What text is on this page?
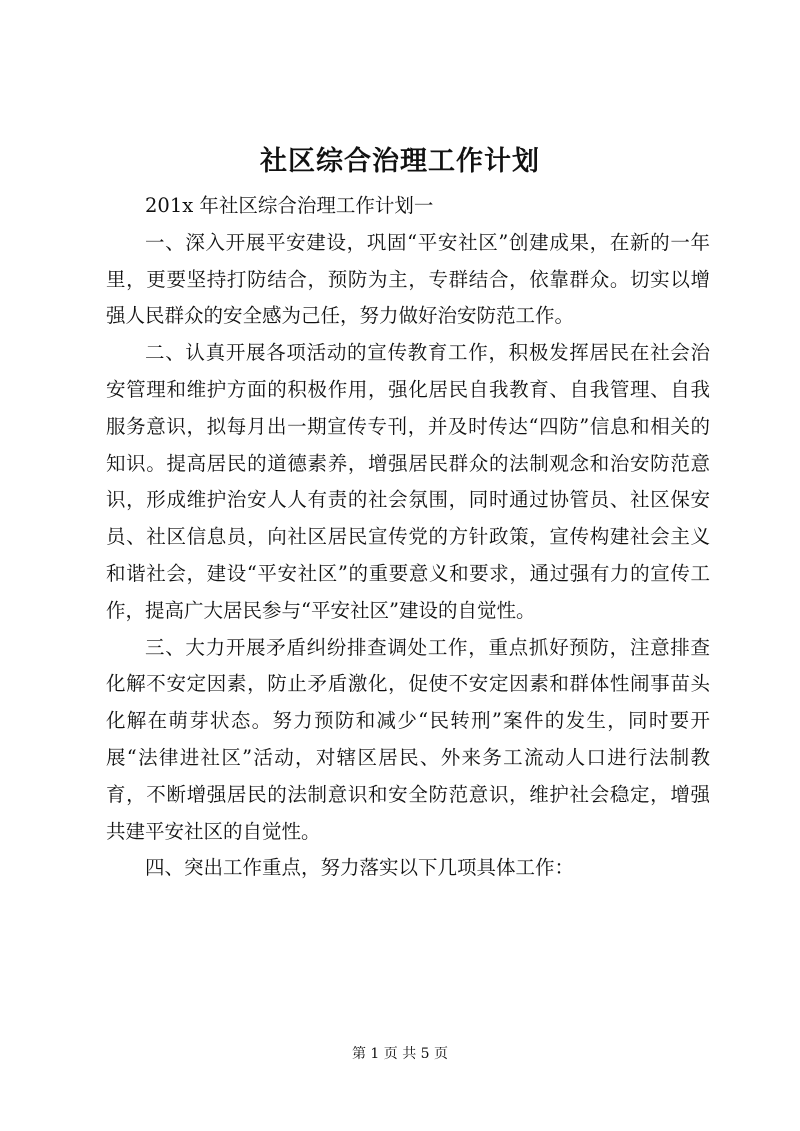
社区综合治理工作计划

201x 年社区综合治理工作计划一

一、深入开展平安建设，巩固“平安社区”创建成果，在新的一年里，更要坚持打防结合，预防为主，专群结合，依靠群众。切实以增强人民群众的安全感为己任，努力做好治安防范工作。

二、认真开展各项活动的宣传教育工作，积极发挥居民在社会治安管理和维护方面的积极作用，强化居民自我教育、自我管理、自我服务意识，拟每月出一期宣传专刊，并及时传达“四防”信息和相关的知识。提高居民的道德素养，增强居民群众的法制观念和治安防范意识，形成维护治安人人有责的社会氛围，同时通过协管员、社区保安员、社区信息员，向社区居民宣传党的方针政策，宣传构建社会主义和谐社会，建设“平安社区”的重要意义和要求，通过强有力的宣传工作，提高广大居民参与“平安社区”建设的自觉性。

三、大力开展矛盾纠纷排查调处工作，重点抓好预防，注意排查化解不安定因素，防止矛盾激化，促使不安定因素和群体性闹事苗头化解在萌芽状态。努力预防和减少“民转刑”案件的发生，同时要开展“法律进社区”活动，对辖区居民、外来务工流动人口进行法制教育，不断增强居民的法制意识和安全防范意识，维护社会稳定，增强共建平安社区的自觉性。

四、突出工作重点，努力落实以下几项具体工作：

第 1 页 共 5 页
